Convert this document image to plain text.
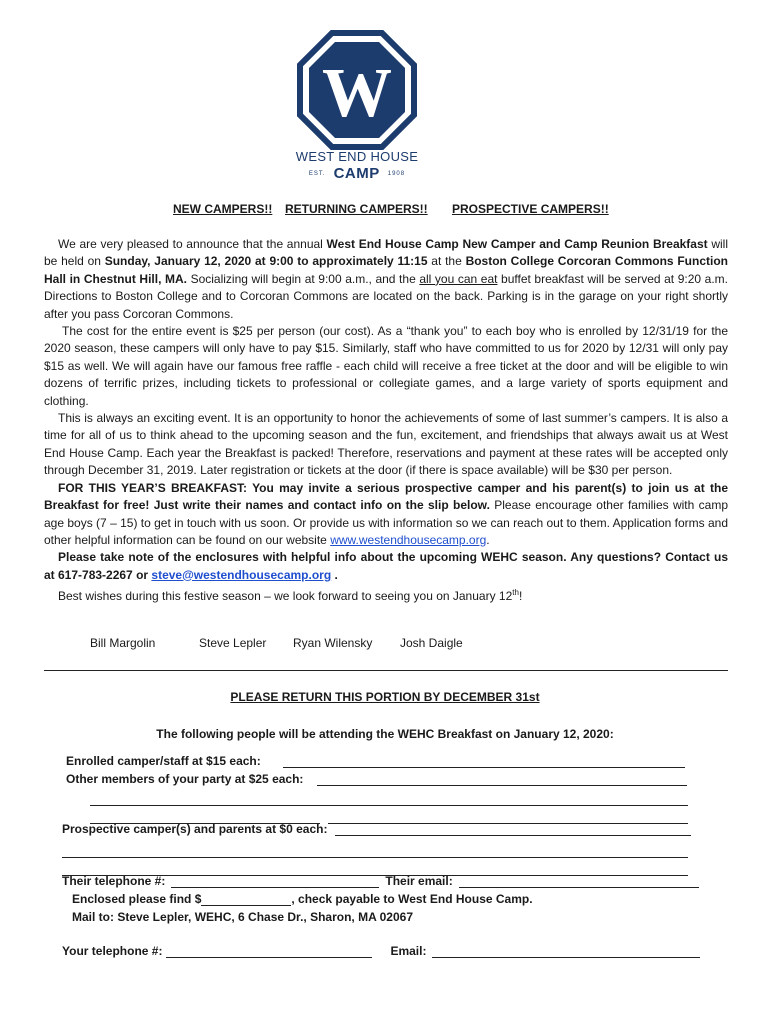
W
WEST END HOUSE
EST. CAMP 1908
NEW CAMPERS!! RETURNING CAMPERS!! PROSPECTIVE CAMPERS!!

We are very pleased to announce that the annual West End House Camp New Camper and Camp Reunion Breakfast will be held on Sunday, January 12, 2020 at 9:00 to approximately 11:15 at the Boston College Corcoran Commons Function Hall in Chestnut Hill, MA. Socializing will begin at 9:00 a.m., and the all you can eat buffet breakfast will be served at 9:20 a.m. Directions to Boston College and to Corcoran Commons are located on the back. Parking is in the garage on your right shortly after you pass Corcoran Commons.

The cost for the entire event is $25 per person (our cost). As a “thank you” to each boy who is enrolled by 12/31/19 for the 2020 season, these campers will only have to pay $15. Similarly, staff who have committed to us for 2020 by 12/31 will only pay $15 as well. We will again have our famous free raffle - each child will receive a free ticket at the door and will be eligible to win dozens of terrific prizes, including tickets to professional or collegiate games, and a large variety of sports equipment and clothing.

This is always an exciting event. It is an opportunity to honor the achievements of some of last summer’s campers. It is also a time for all of us to think ahead to the upcoming season and the fun, excitement, and friendships that always await us at West End House Camp. Each year the Breakfast is packed! Therefore, reservations and payment at these rates will be accepted only through December 31, 2019. Later registration or tickets at the door (if there is space available) will be $30 per person.

FOR THIS YEAR’S BREAKFAST: You may invite a serious prospective camper and his parent(s) to join us at the Breakfast for free! Just write their names and contact info on the slip below. Please encourage other families with camp age boys (7 – 15) to get in touch with us soon. Or provide us with information so we can reach out to them. Application forms and other helpful information can be found on our website www.westendhousecamp.org.

Please take note of the enclosures with helpful info about the upcoming WEHC season. Any questions? Contact us at 617-783-2267 or steve@westendhousecamp.org .

Best wishes during this festive season – we look forward to seeing you on January 12th!

Bill Margolin	Steve Lepler Ryan Wilensky Josh Daigle
PLEASE RETURN THIS PORTION BY DECEMBER 31st
The following people will be attending the WEHC Breakfast on January 12, 2020:
Enrolled camper/staff at $15 each:
Other members of your party at $25 each:
Prospective camper(s) and parents at $0 each:
Their telephone #:	Their email:
Enclosed please find $	, check payable to West End House Camp.
Mail to: Steve Lepler, WEHC, 6 Chase Dr., Sharon, MA 02067
Your telephone #:	Email:
